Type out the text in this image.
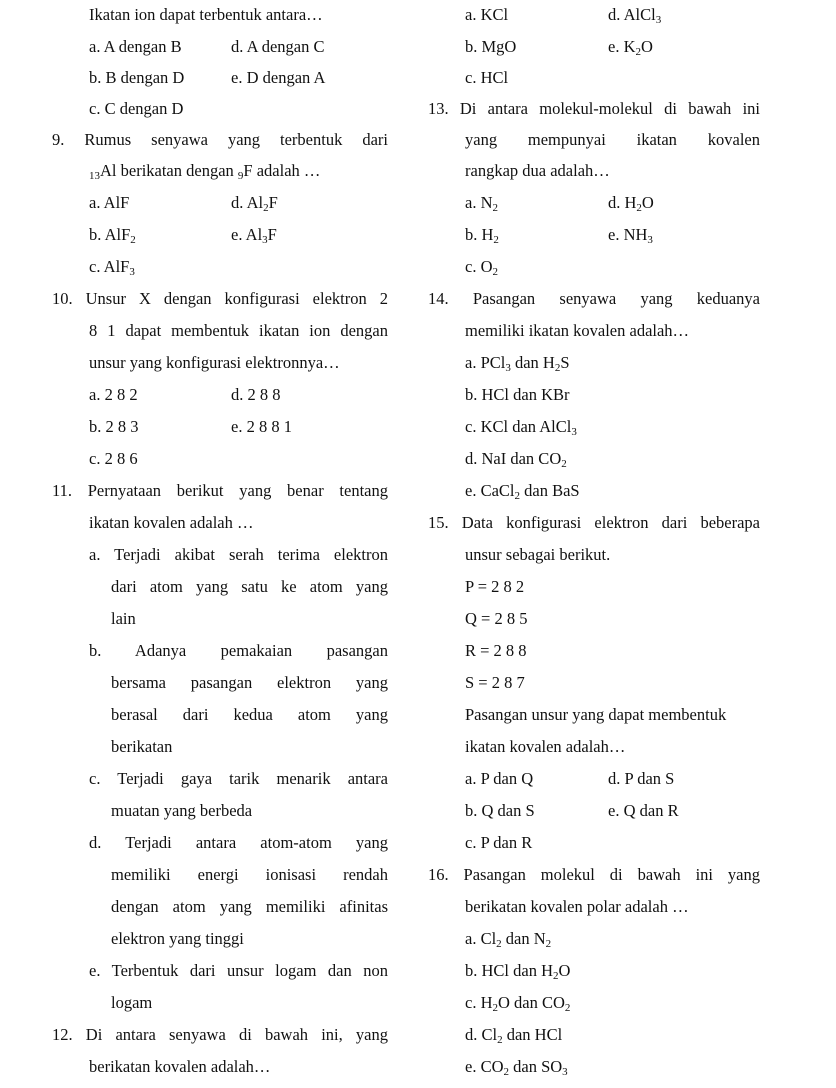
Ikatan ion dapat terbentuk antara…
a. A dengan B	d. A dengan C
b. B dengan D	e. D dengan A
c. C dengan D
9. Rumus senyawa yang terbentuk dari
$_{13}$Al berikatan dengan $_9$F adalah …
a. AlF	d. $Al_2F$
b. AlF$_2$	e. $Al_3F$
c. AlF$_3$
10. Unsur X dengan konfigurasi elektron 2
8 1 dapat membentuk ikatan ion dengan
unsur yang konfigurasi elektronnya…
a. 2 8 2	d. 2 8 8
b. 2 8 3	e. 2 8 8 1
c. 2 8 6
11. Pernyataan berikut yang benar tentang
ikatan kovalen adalah …
a. Terjadi akibat serah terima elektron
dari atom yang satu ke atom yang
lain
b. Adanya pemakaian pasangan
bersama pasangan elektron yang
berasal dari kedua atom yang
berikatan
c. Terjadi gaya tarik menarik antara
muatan yang berbeda
d. Terjadi antara atom-atom yang
memiliki energi ionisasi rendah
dengan atom yang memiliki afinitas
elektron yang tinggi
e. Terbentuk dari unsur logam dan non
logam
12. Di antara senyawa di bawah ini, yang
berikatan kovalen adalah…
a. KCl	d. AlCl$_3$
b. MgO	e. $K_2O$
c. HCl
13. Di antara molekul-molekul di bawah ini
yang mempunyai ikatan kovalen
rangkap dua adalah…
a. $N_2$	d. $H_2O$
b. $H_2$	e. $NH_3$
c. $O_2$
14. Pasangan senyawa yang keduanya
memiliki ikatan kovalen adalah…
a. PCl$_3$ dan $H_2S$
b. HCl dan KBr
c. KCl dan AlCl$_3$
d. NaI dan $CO_2$
e. CaCl$_2$ dan BaS
15. Data konfigurasi elektron dari beberapa
unsur sebagai berikut.
P = 2 8 2
Q = 2 8 5
R = 2 8 8
S = 2 8 7
Pasangan unsur yang dapat membentuk
ikatan kovalen adalah…
a. P dan Q	d. P dan S
b. Q dan S	e. Q dan R
c. P dan R
16. Pasangan molekul di bawah ini yang
berikatan kovalen polar adalah …
a. $Cl_2$ dan $N_2$
b. HCl dan $H_2O$
c. $H_2O$ dan $CO_2$
d. $Cl_2$ dan HCl
e. $CO_2$ dan $SO_3$
